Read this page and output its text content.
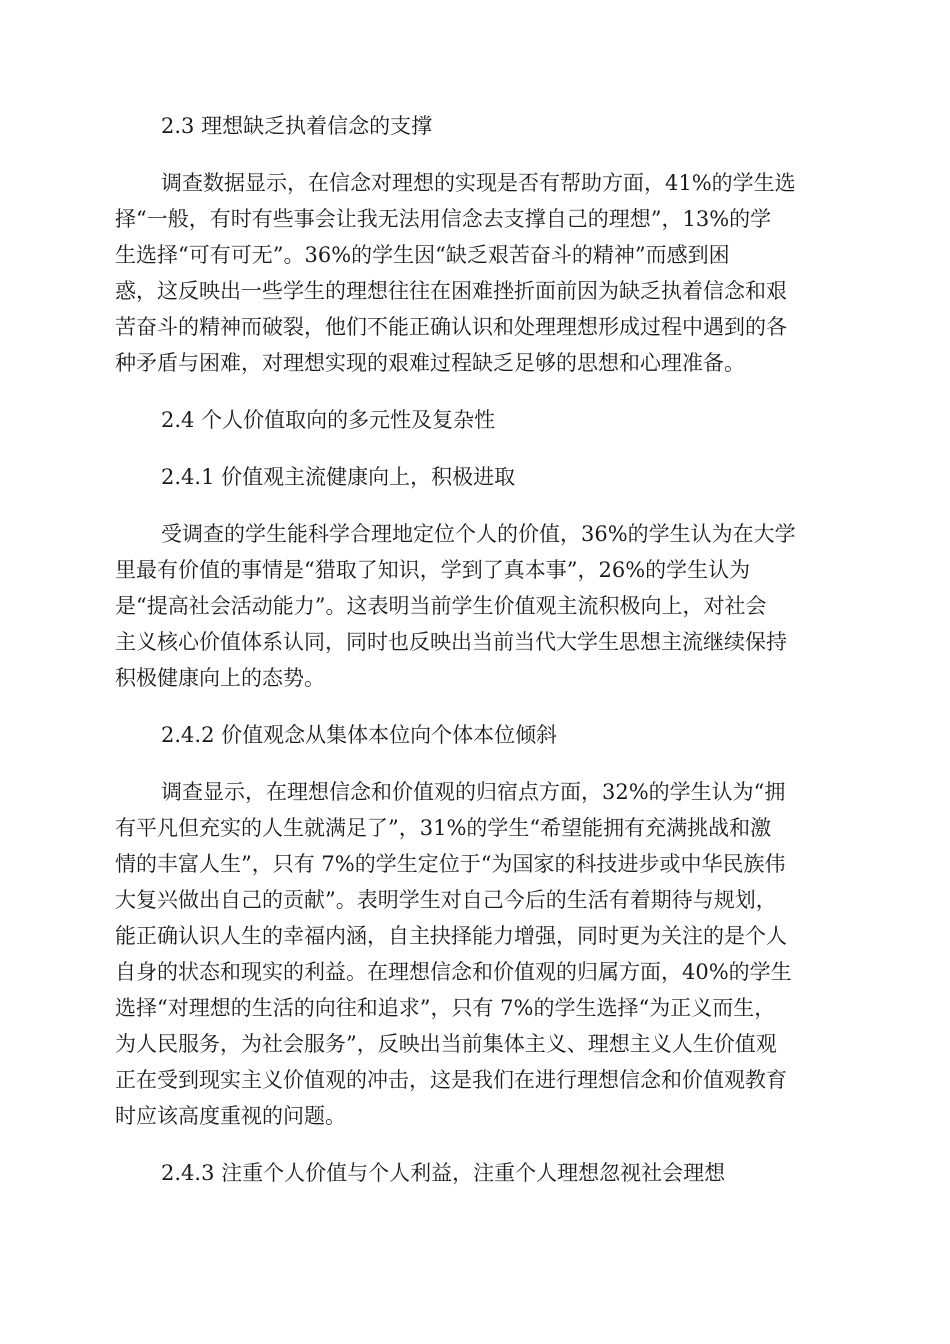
2.3 理想缺乏执着信念的支撑
调查数据显示，在信念对理想的实现是否有帮助方面，41%的学生选
择“一般，有时有些事会让我无法用信念去支撑自己的理想”，13%的学
生选择“可有可无”。36%的学生因“缺乏艰苦奋斗的精神”而感到困
惑，这反映出一些学生的理想往往在困难挫折面前因为缺乏执着信念和艰
苦奋斗的精神而破裂，他们不能正确认识和处理理想形成过程中遇到的各
种矛盾与困难，对理想实现的艰难过程缺乏足够的思想和心理准备。
2.4 个人价值取向的多元性及复杂性
2.4.1 价值观主流健康向上，积极进取
受调查的学生能科学合理地定位个人的价值，36%的学生认为在大学
里最有价值的事情是“猎取了知识，学到了真本事”，26%的学生认为
是“提高社会活动能力”。这表明当前学生价值观主流积极向上，对社会
主义核心价值体系认同，同时也反映出当前当代大学生思想主流继续保持
积极健康向上的态势。
2.4.2 价值观念从集体本位向个体本位倾斜
调查显示，在理想信念和价值观的归宿点方面，32%的学生认为“拥
有平凡但充实的人生就满足了”，31%的学生“希望能拥有充满挑战和激
情的丰富人生”，只有 7%的学生定位于“为国家的科技进步或中华民族伟
大复兴做出自己的贡献”。表明学生对自己今后的生活有着期待与规划，
能正确认识人生的幸福内涵，自主抉择能力增强，同时更为关注的是个人
自身的状态和现实的利益。在理想信念和价值观的归属方面，40%的学生
选择“对理想的生活的向往和追求”，只有 7%的学生选择“为正义而生，
为人民服务，为社会服务”，反映出当前集体主义、理想主义人生价值观
正在受到现实主义价值观的冲击，这是我们在进行理想信念和价值观教育
时应该高度重视的问题。
2.4.3 注重个人价值与个人利益，注重个人理想忽视社会理想
